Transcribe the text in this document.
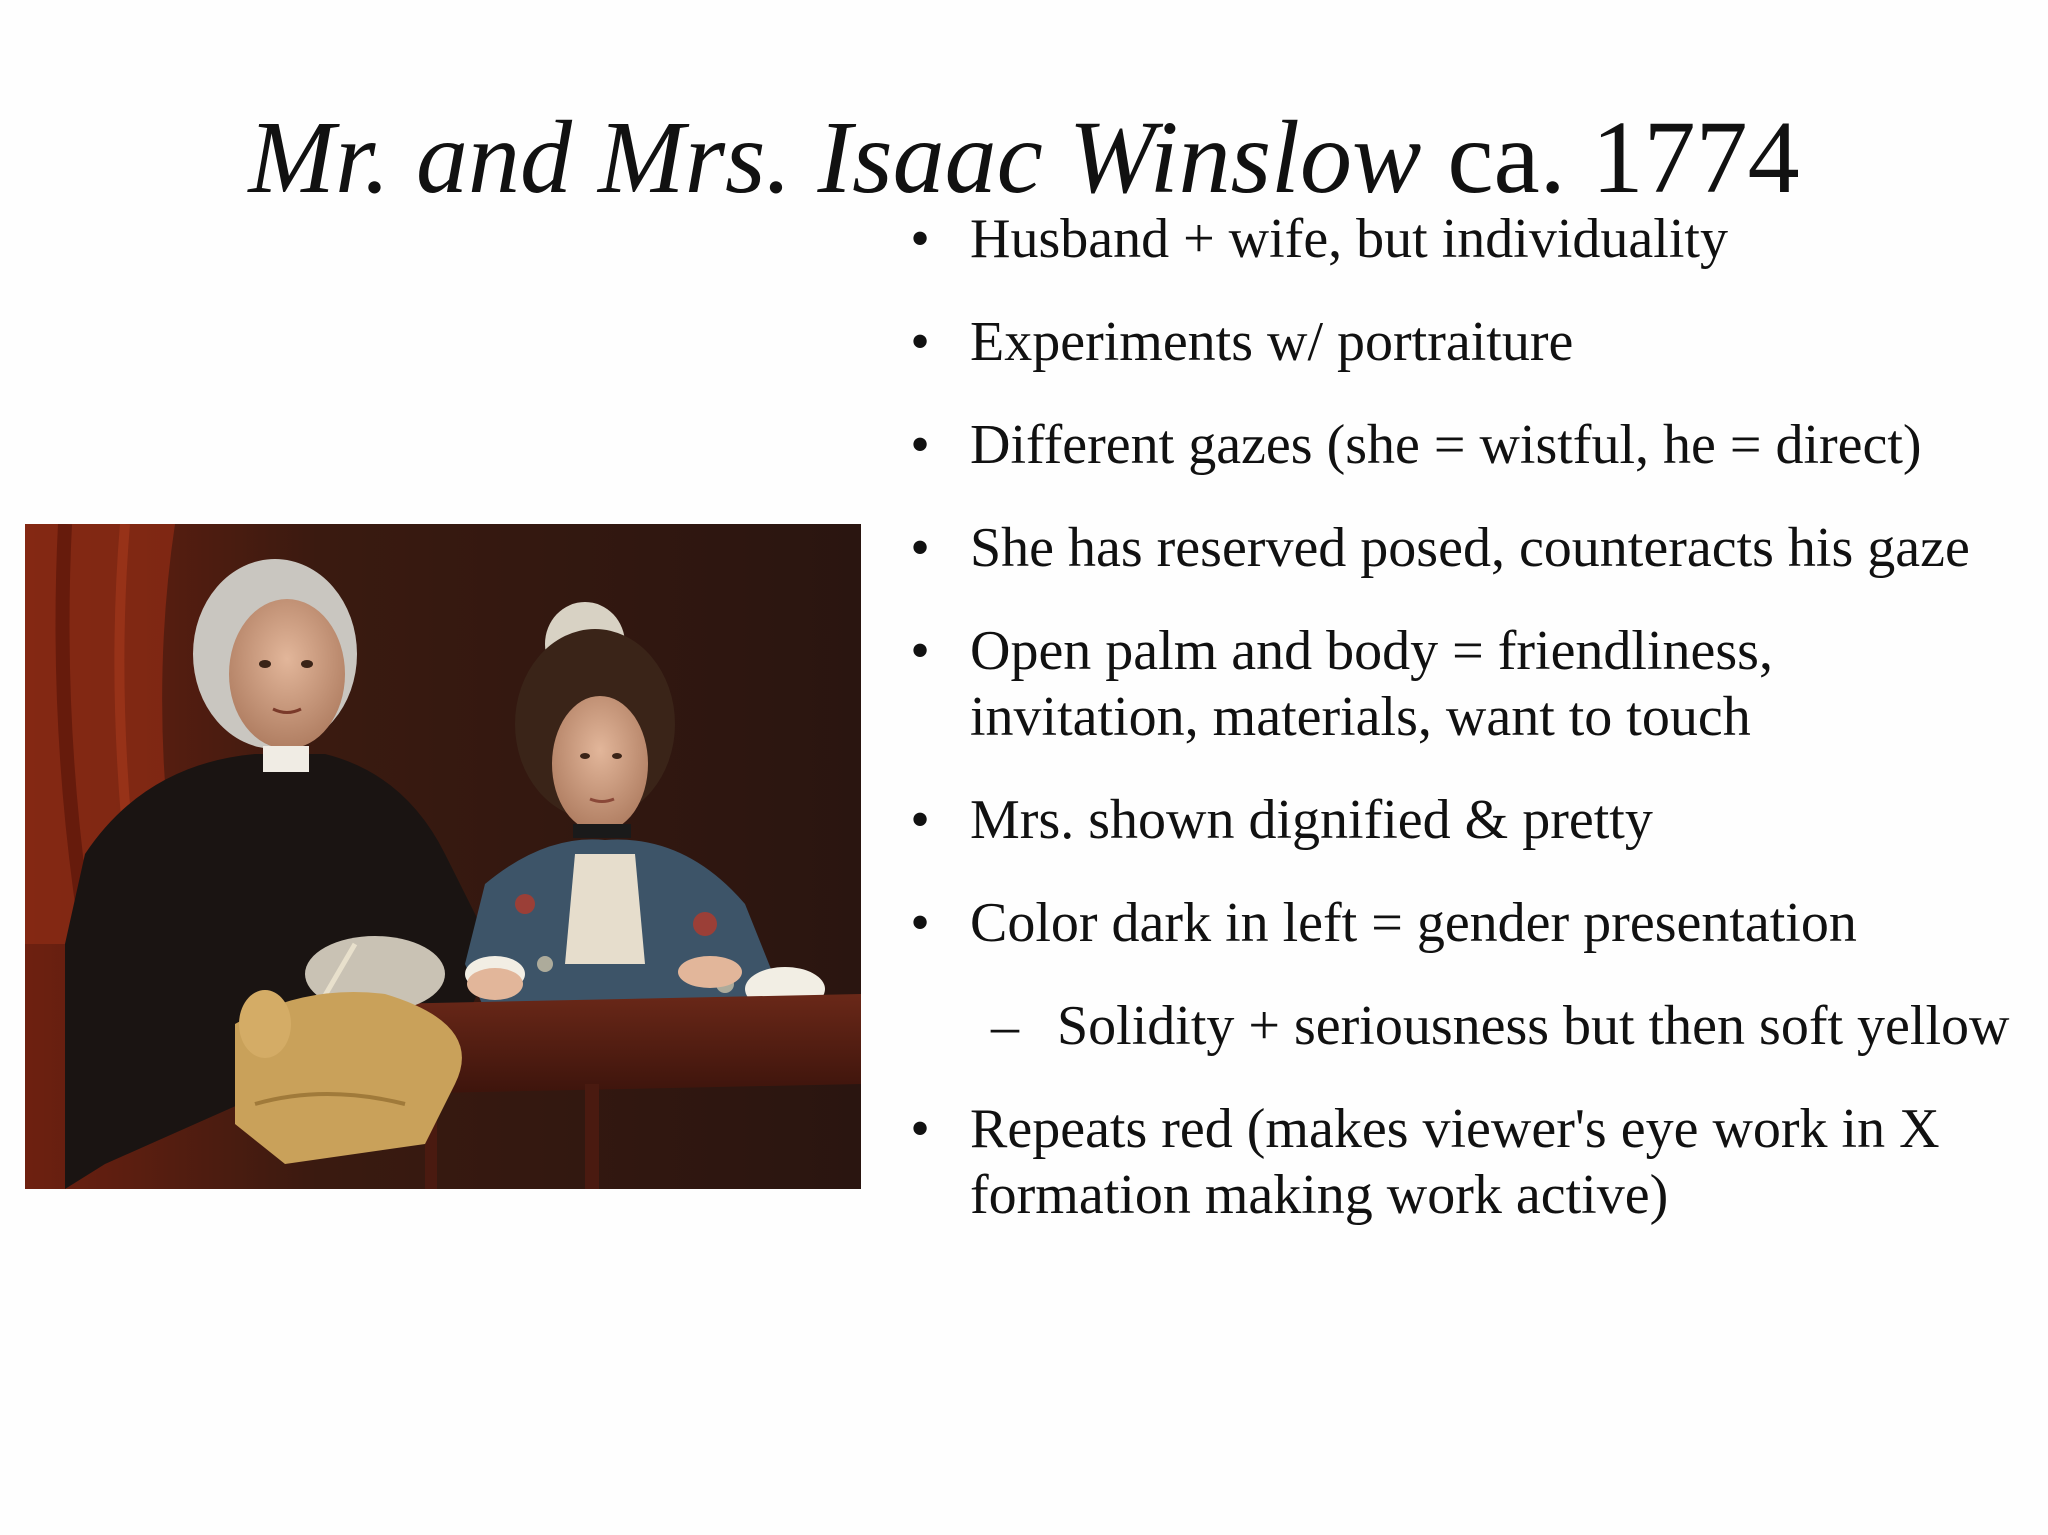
Mr. and Mrs. Isaac Winslow ca. 1774
• Husband + wife, but individuality
• Experiments w/ portraiture
• Different gazes (she = wistful, he = direct)
• She has reserved posed, counteracts his gaze
• Open palm and body = friendliness, invitation, materials, want to touch
• Mrs. shown dignified & pretty
• Color dark in left = gender presentation
– Solidity + seriousness but then soft yellow
• Repeats red (makes viewer's eye work in X formation making work active)
